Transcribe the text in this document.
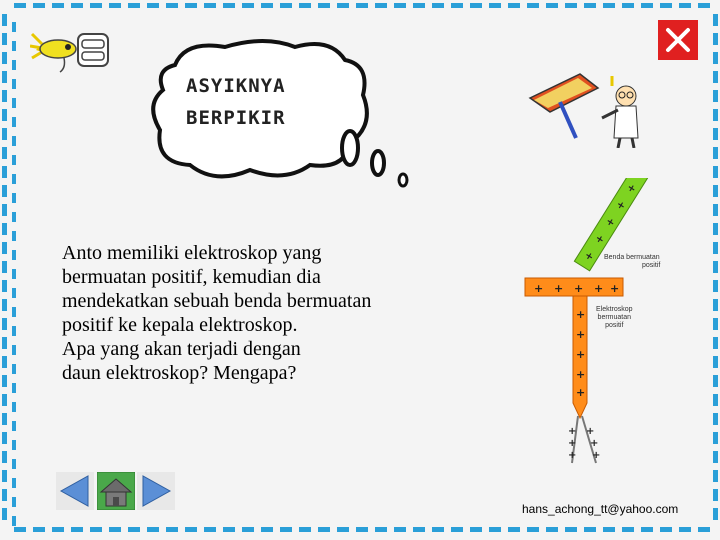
ASYIKNYA
BERPIKIR
Anto memiliki elektroskop yang
bermuatan positif, kemudian dia
mendekatkan sebuah benda bermuatan
positif ke kepala elektroskop.
Apa yang akan terjadi dengan
daun elektroskop? Mengapa?
+
+
+
+
+
+ + + + +
+
+
+
+
+
+
+
+
+
+
+
Benda bermuatan
positif
Elektroskop
bermuatan
positif
hans_achong_tt@yahoo.com
